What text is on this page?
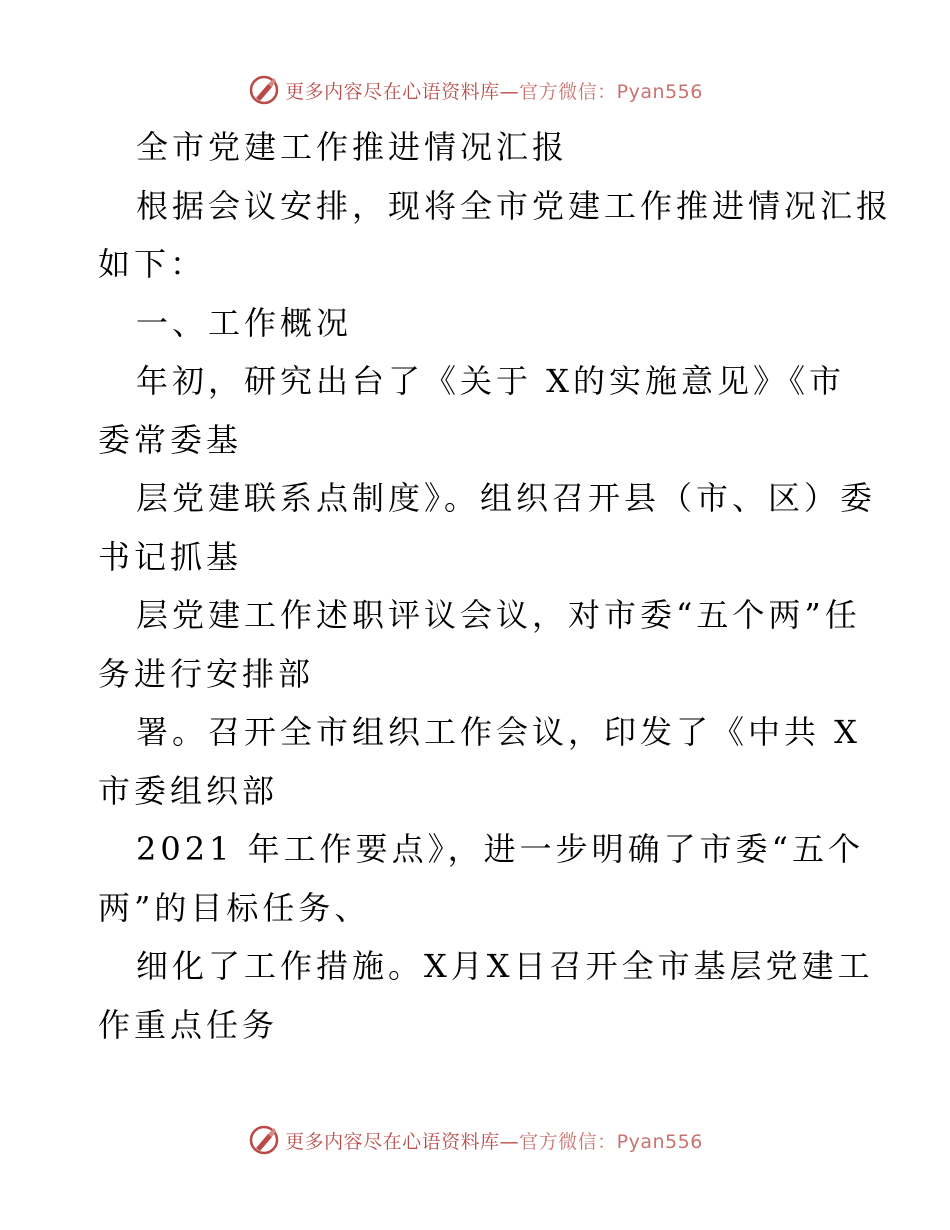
更多内容尽在心语资料库—官方微信：Pyan556
全市党建工作推进情况汇报
根据会议安排，现将全市党建工作推进情况汇报
如下：
一、工作概况
年初，研究出台了《关于 X的实施意见》《市
委常委基
层党建联系点制度》。组织召开县（市、区）委
书记抓基
层党建工作述职评议会议，对市委“五个两”任
务进行安排部
署。召开全市组织工作会议，印发了《中共 X
市委组织部
2021 年工作要点》，进一步明确了市委“五个
两”的目标任务、
细化了工作措施。X月X日召开全市基层党建工
作重点任务
更多内容尽在心语资料库—官方微信：Pyan556
